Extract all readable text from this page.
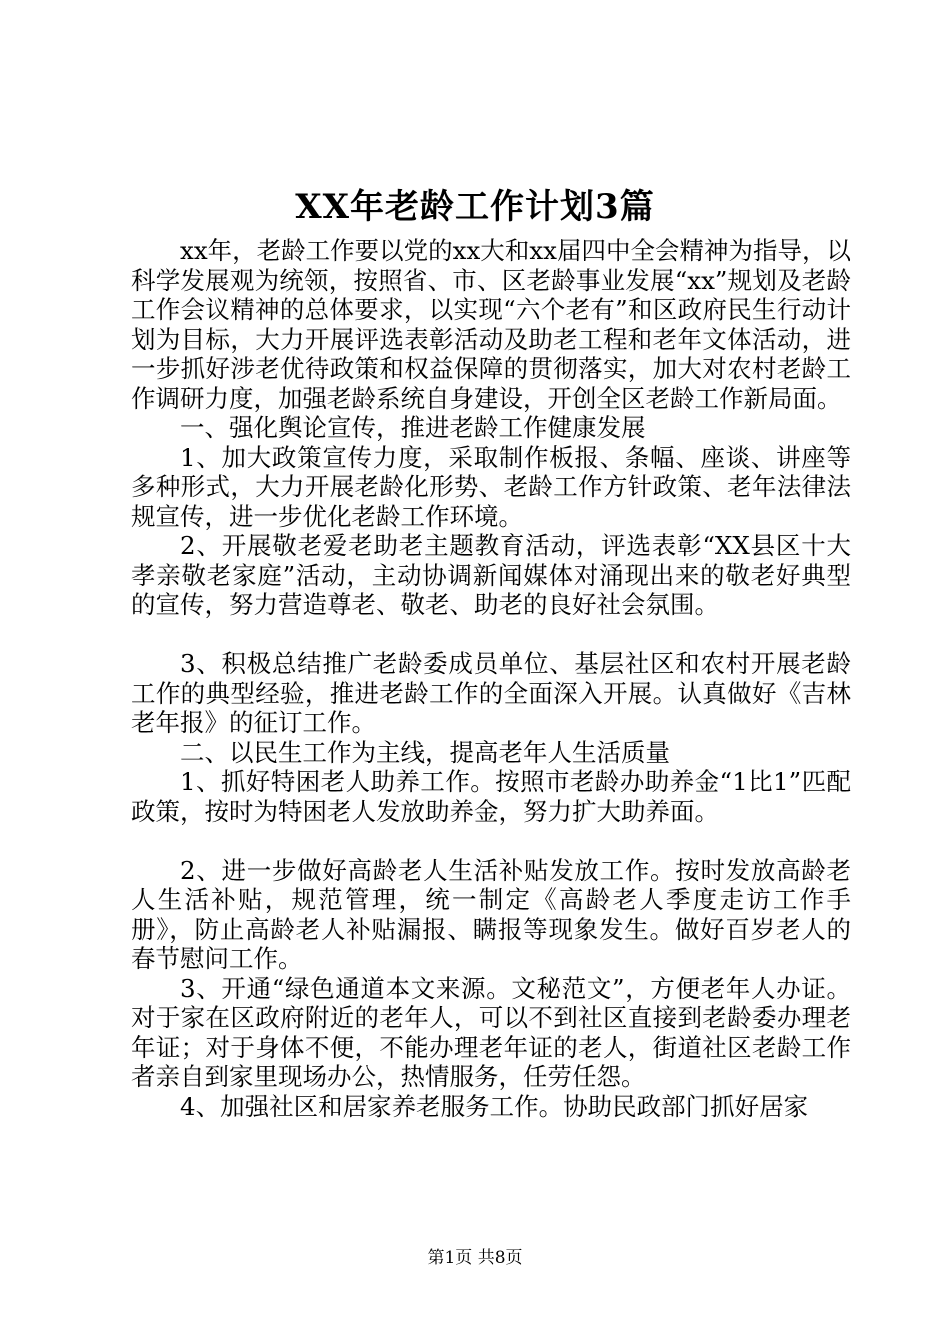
XX年老龄工作计划3篇

xx年，老龄工作要以党的xx大和xx届四中全会精神为指导，以科学发展观为统领，按照省、市、区老龄事业发展“xx”规划及老龄工作会议精神的总体要求，以实现“六个老有”和区政府民生行动计划为目标，大力开展评选表彰活动及助老工程和老年文体活动，进一步抓好涉老优待政策和权益保障的贯彻落实，加大对农村老龄工作调研力度，加强老龄系统自身建设，开创全区老龄工作新局面。

一、强化舆论宣传，推进老龄工作健康发展

1、加大政策宣传力度，采取制作板报、条幅、座谈、讲座等多种形式，大力开展老龄化形势、老龄工作方针政策、老年法律法规宣传，进一步优化老龄工作环境。

2、开展敬老爱老助老主题教育活动，评选表彰“XX县区十大孝亲敬老家庭”活动，主动协调新闻媒体对涌现出来的敬老好典型的宣传，努力营造尊老、敬老、助老的良好社会氛围。

3、积极总结推广老龄委成员单位、基层社区和农村开展老龄工作的典型经验，推进老龄工作的全面深入开展。认真做好《吉林老年报》的征订工作。

二、以民生工作为主线，提高老年人生活质量

1、抓好特困老人助养工作。按照市老龄办助养金“1比1”匹配政策，按时为特困老人发放助养金，努力扩大助养面。

2、进一步做好高龄老人生活补贴发放工作。按时发放高龄老人生活补贴，规范管理，统一制定《高龄老人季度走访工作手册》，防止高龄老人补贴漏报、瞒报等现象发生。做好百岁老人的春节慰问工作。

3、开通“绿色通道本文来源。文秘范文”，方便老年人办证。对于家在区政府附近的老年人，可以不到社区直接到老龄委办理老年证；对于身体不便，不能办理老年证的老人，街道社区老龄工作者亲自到家里现场办公，热情服务，任劳任怨。

4、加强社区和居家养老服务工作。协助民政部门抓好居家

第1页 共8页
